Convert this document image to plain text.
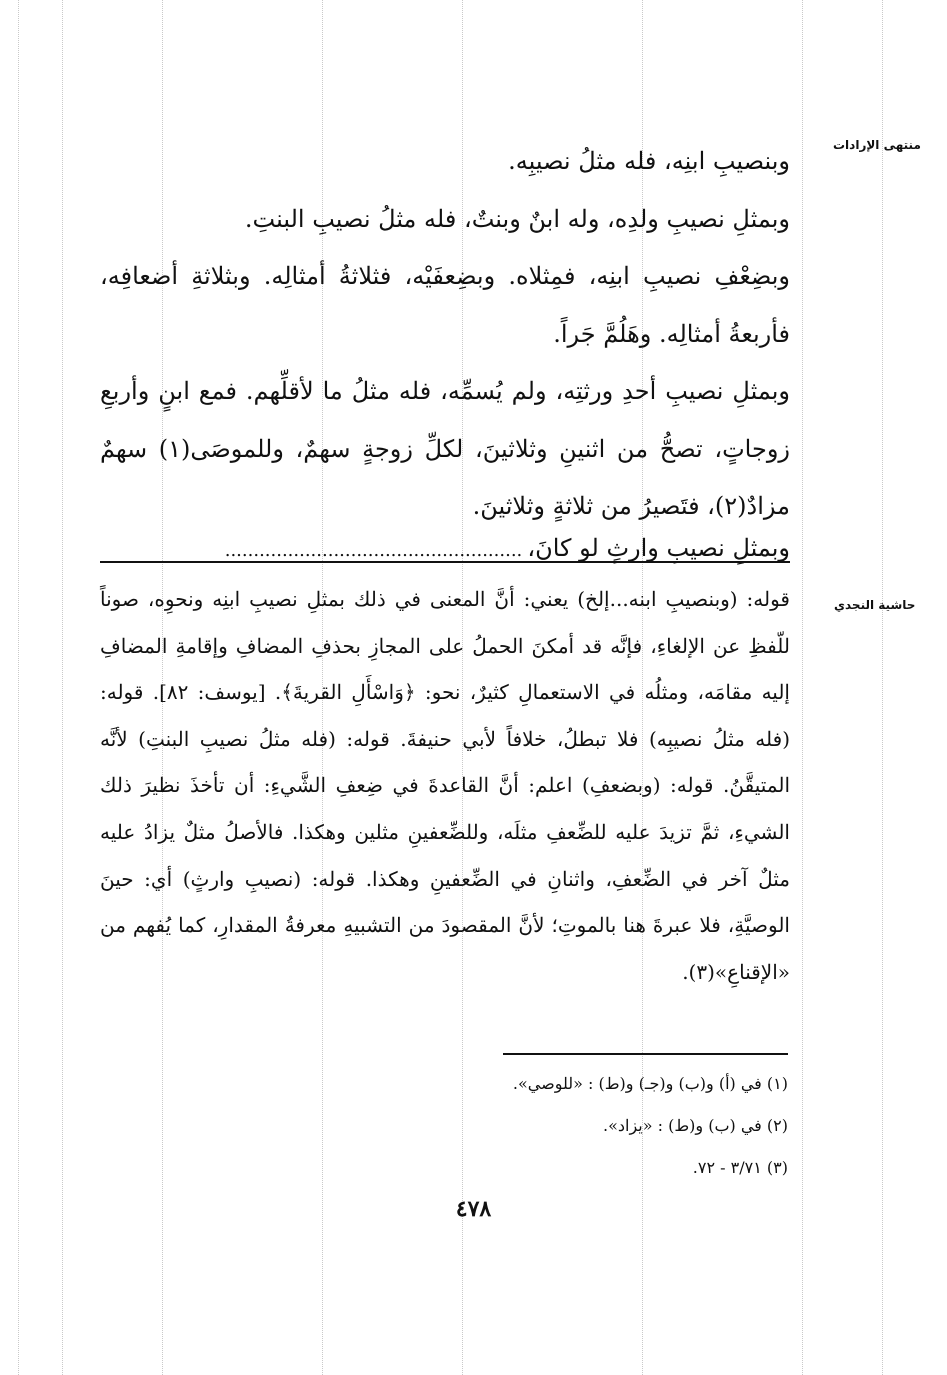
منتهى الإرادات
حاشية النجدي

وبنصيبِ ابنِه، فله مثلُ نصيبِه.

وبمثلِ نصيبِ ولدِه، وله ابنٌ وبنتٌ، فله مثلُ نصيبِ البنتِ.

وبضِعْفِ نصيبِ ابنِه، فمِثلاه. وبضِعفَيْه، فثلاثةُ أمثالِه. وبثلاثةِ أضعافِه، فأربعةُ أمثالِه. وهَلُمَّ جَراً.

وبمثلِ نصيبِ أحدِ ورثتِه، ولم يُسمِّه، فله مثلُ ما لأقلِّهم. فمع ابنٍ وأربعِ زوجاتٍ، تصحُّ من اثنينِ وثلاثينَ، لكلِّ زوجةٍ سهمٌ، وللموصَى(١) سهمٌ مزادٌ(٢)، فتَصيرُ من ثلاثةٍ وثلاثينَ.

وبمثلِ نصيبِ وارثٍ لو كانَ، ....................................................

قوله: (وبنصيبِ ابنه...إلخ) يعني: أنَّ المعنى في ذلك بمثلِ نصيبِ ابنِه ونحوِه، صوناً للّفظِ عن الإلغاءِ، فإنَّه قد أمكنَ الحملُ على المجازِ بحذفِ المضافِ وإقامةِ المضافِ إليه مقامَه، ومثلُه في الاستعمالِ كثيرٌ، نحو: ﴿وَاسْأَلِ القريةَ﴾. [يوسف: ٨٢]. قوله: (فله مثلُ نصيبِه) فلا تبطلُ، خلافاً لأبي حنيفةَ. قوله: (فله مثلُ نصيبِ البنتِ) لأنَّه المتيقَّنُ. قوله: (وبضعفِ) اعلم: أنَّ القاعدةَ في ضِعفِ الشَّيءِ: أن تأخذَ نظيرَ ذلك الشيءِ، ثمَّ تزيدَ عليه للضِّعفِ مثلَه، وللضِّعفينِ مثلين وهكذا. فالأصلُ مثلٌ يزادُ عليه مثلٌ آخر في الضِّعفِ، واثنانِ في الضِّعفينِ وهكذا. قوله: (نصيبِ وارثٍ) أي: حينَ الوصيَّةِ، فلا عبرةَ هنا بالموتِ؛ لأنَّ المقصودَ من التشبيهِ معرفةُ المقدارِ، كما يُفهم من «الإقناعِ»(٣).

(١) في (أ) و(ب) و(جـ) و(ط) : «للوصي».
(٢) في (ب) و(ط) : «يزاد».
(٣) ٣/٧١ - ٧٢.
٤٧٨
